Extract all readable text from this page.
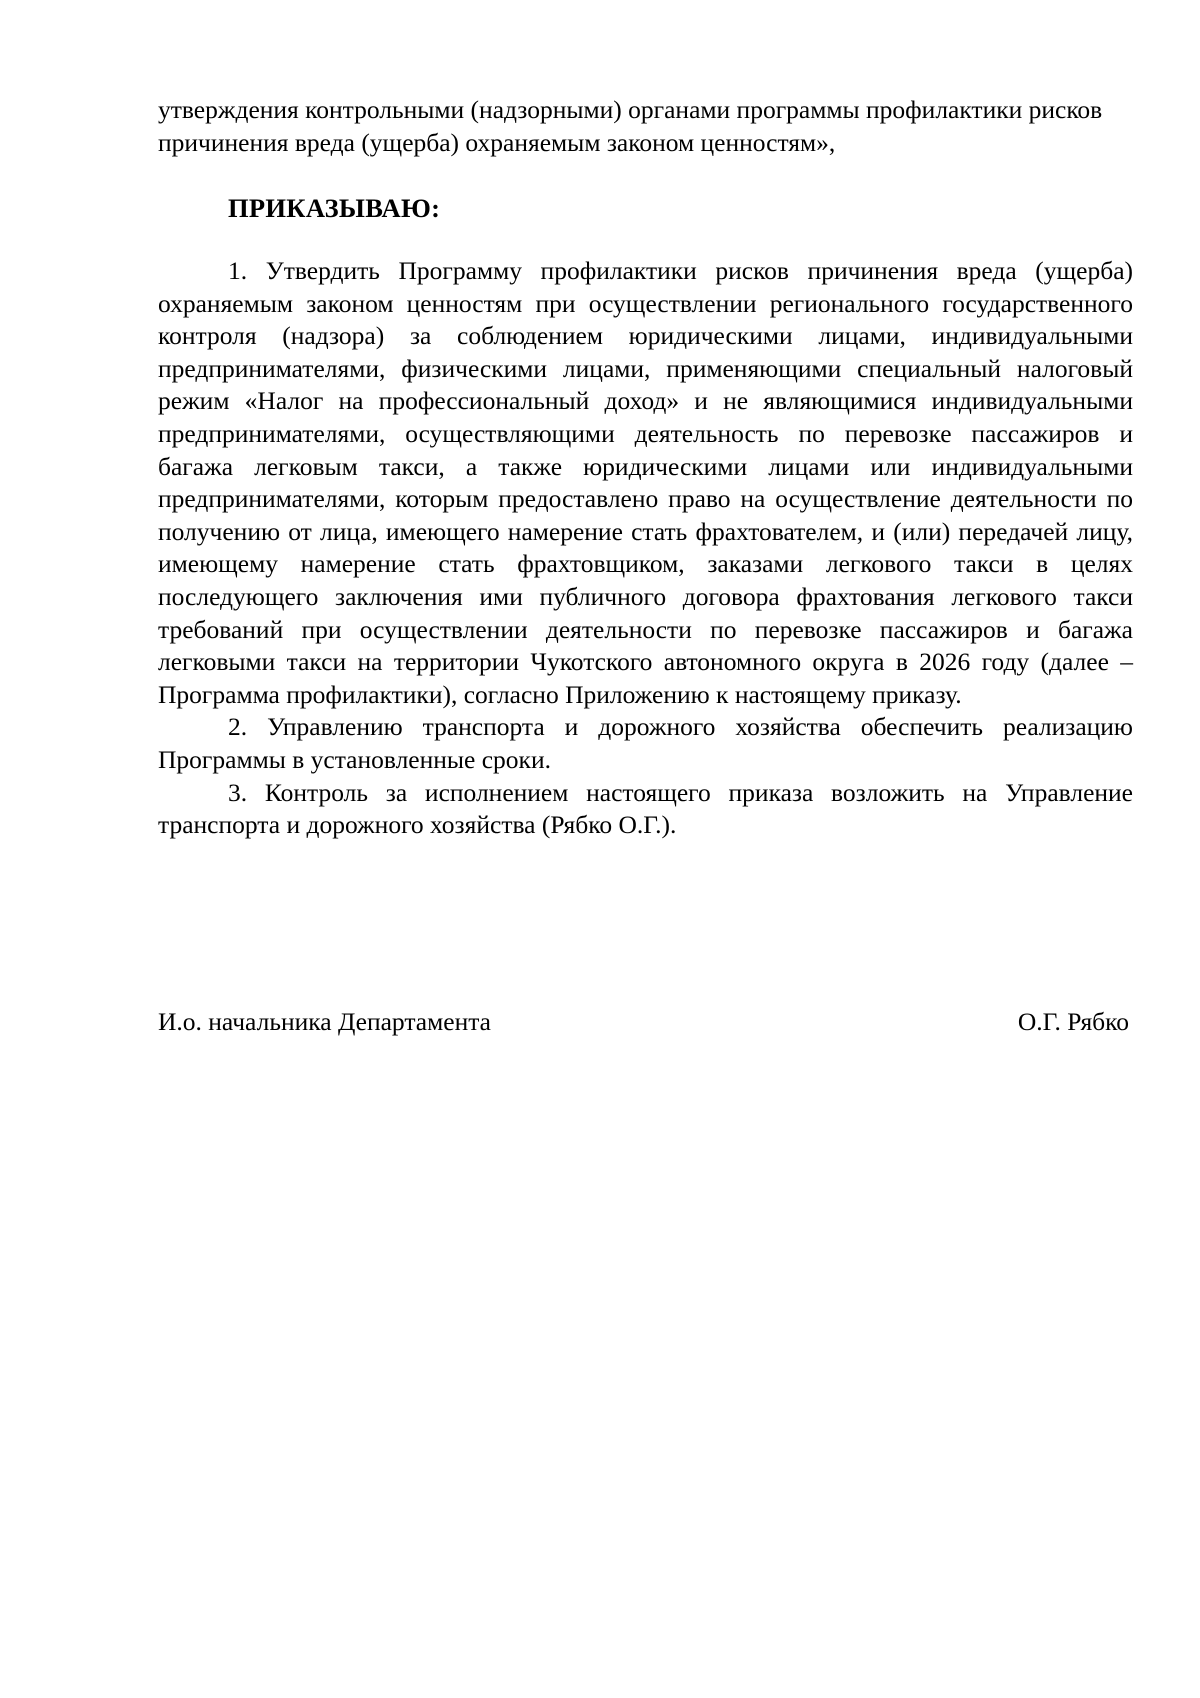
утверждения контрольными (надзорными) органами программы профилактики рисков причинения вреда (ущерба) охраняемым законом ценностям»,
ПРИКАЗЫВАЮ:

1. Утвердить Программу профилактики рисков причинения вреда (ущерба) охраняемым законом ценностям при осуществлении регионального государственного контроля (надзора) за соблюдением юридическими лицами, индивидуальными предпринимателями, физическими лицами, применяющими специальный налоговый режим «Налог на профессиональный доход» и не являющимися индивидуальными предпринимателями, осуществляющими деятельность по перевозке пассажиров и багажа легковым такси, а также юридическими лицами или индивидуальными предпринимателями, которым предоставлено право на осуществление деятельности по получению от лица, имеющего намерение стать фрахтователем, и (или) передачей лицу, имеющему намерение стать фрахтовщиком, заказами легкового такси в целях последующего заключения ими публичного договора фрахтования легкового такси требований при осуществлении деятельности по перевозке пассажиров и багажа легковыми такси на территории Чукотского автономного округа в 2026 году (далее – Программа профилактики), согласно Приложению к настоящему приказу.

2. Управлению транспорта и дорожного хозяйства обеспечить реализацию Программы в установленные сроки.

3. Контроль за исполнением настоящего приказа возложить на Управление транспорта и дорожного хозяйства (Рябко О.Г.).

И.о. начальника Департамента	О.Г. Рябко
